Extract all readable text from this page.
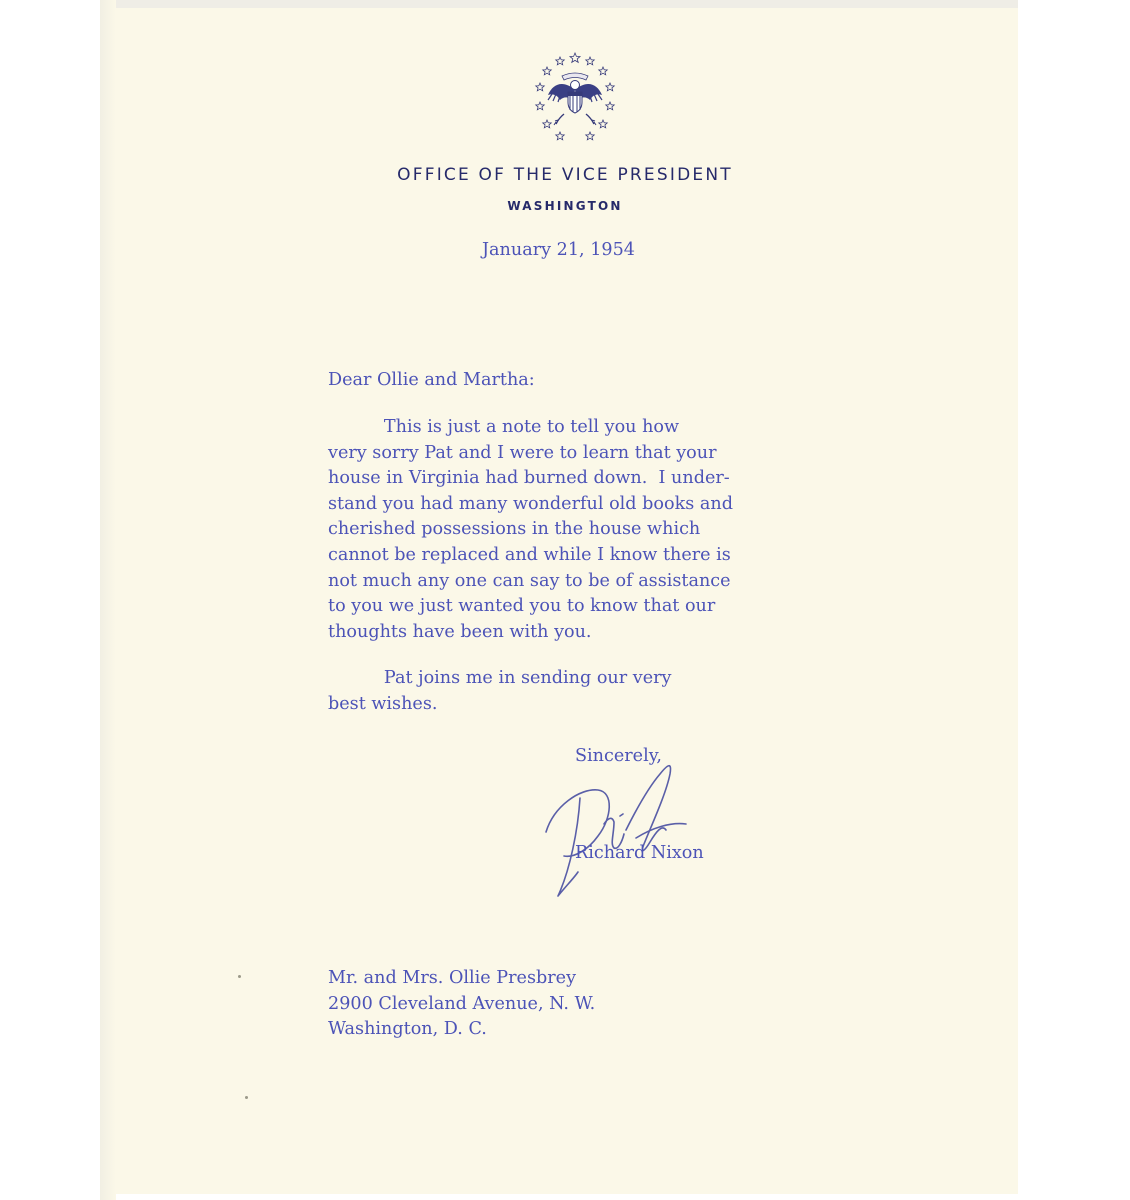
OFFICE OF THE VICE PRESIDENT
WASHINGTON
January 21, 1954
Dear Ollie and Martha:
This is just a note to tell you how
very sorry Pat and I were to learn that your
house in Virginia had burned down.  I under-
stand you had many wonderful old books and
cherished possessions in the house which
cannot be replaced and while I know there is
not much any one can say to be of assistance
to you we just wanted you to know that our
thoughts have been with you.
Pat joins me in sending our very
best wishes.
Sincerely,
Richard Nixon
Mr. and Mrs. Ollie Presbrey
2900 Cleveland Avenue, N. W.
Washington, D. C.
